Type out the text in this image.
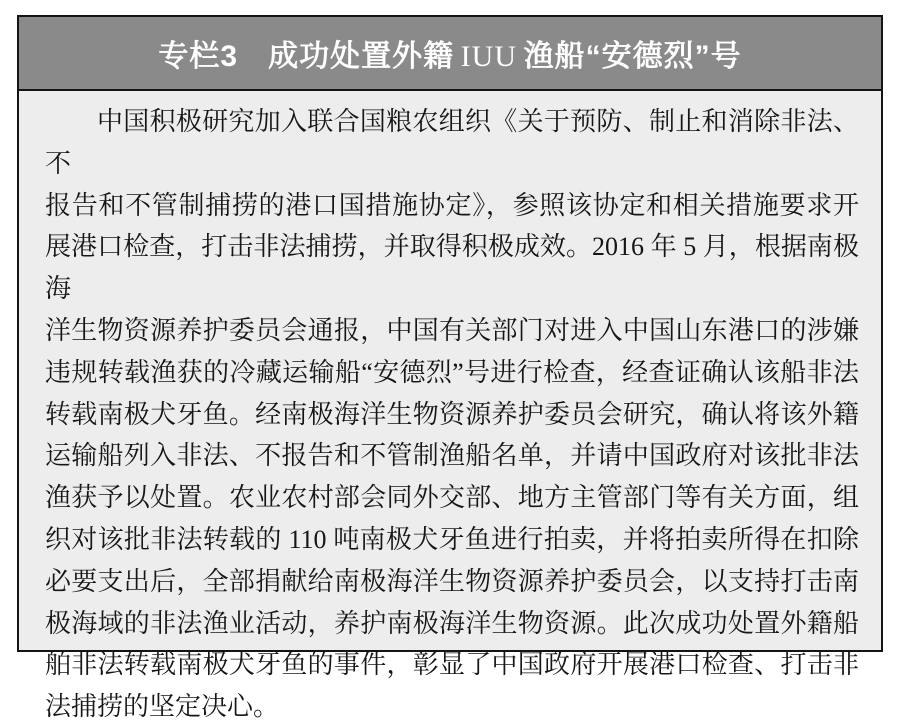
专栏3 成功处置外籍 IUU 渔船“安德烈”号
中国积极研究加入联合国粮农组织《关于预防、制止和消除非法、不
报告和不管制捕捞的港口国措施协定》，参照该协定和相关措施要求开
展港口检查，打击非法捕捞，并取得积极成效。2016 年 5 月，根据南极海
洋生物资源养护委员会通报，中国有关部门对进入中国山东港口的涉嫌
违规转载渔获的冷藏运输船“安德烈”号进行检查，经查证确认该船非法
转载南极犬牙鱼。经南极海洋生物资源养护委员会研究，确认将该外籍
运输船列入非法、不报告和不管制渔船名单，并请中国政府对该批非法
渔获予以处置。农业农村部会同外交部、地方主管部门等有关方面，组
织对该批非法转载的 110 吨南极犬牙鱼进行拍卖，并将拍卖所得在扣除
必要支出后，全部捐献给南极海洋生物资源养护委员会，以支持打击南
极海域的非法渔业活动，养护南极海洋生物资源。此次成功处置外籍船
舶非法转载南极犬牙鱼的事件，彰显了中国政府开展港口检查、打击非
法捕捞的坚定决心。
